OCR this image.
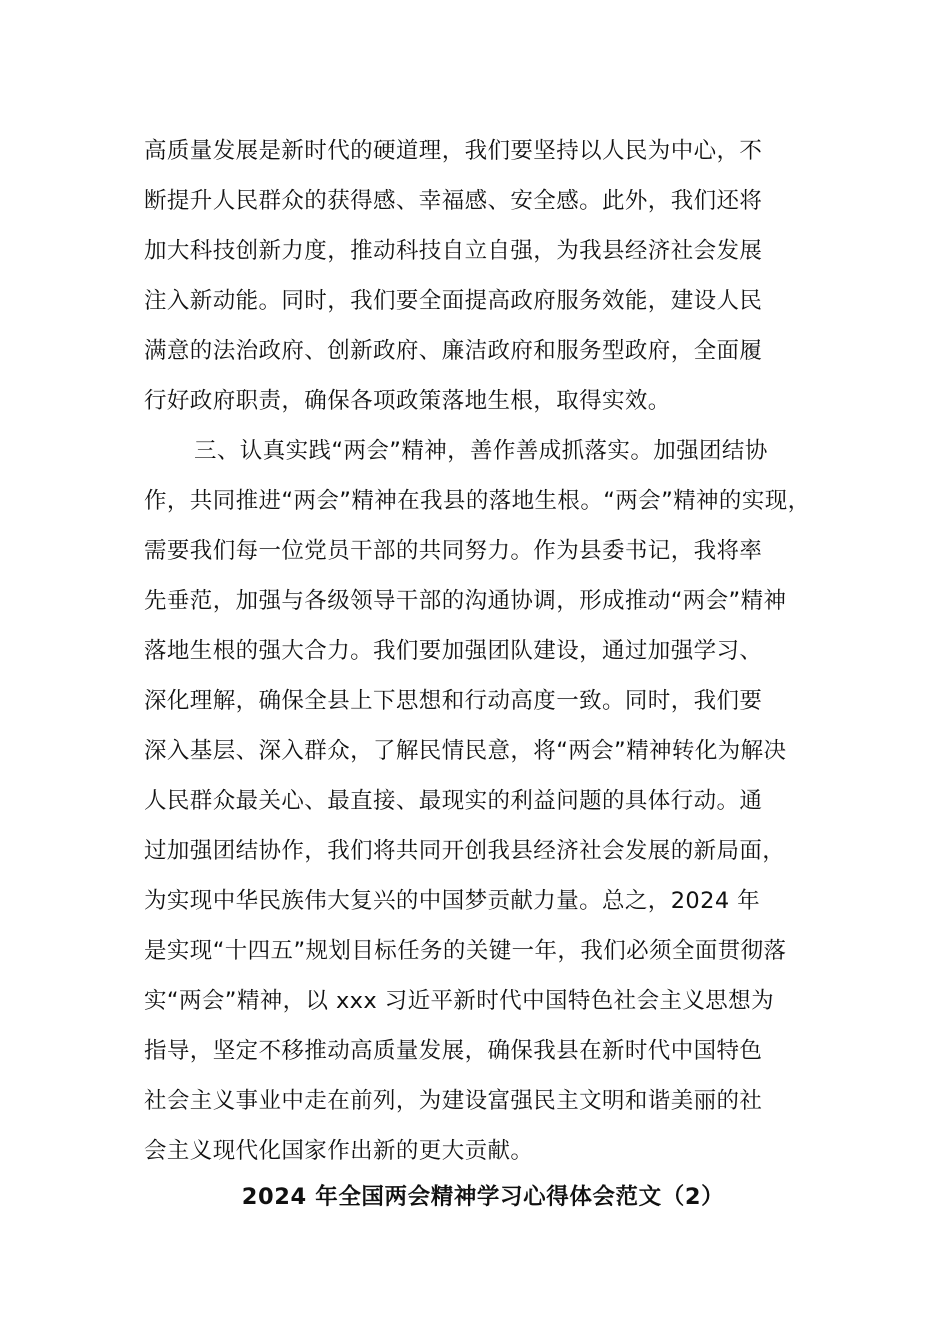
高质量发展是新时代的硬道理，我们要坚持以人民为中心，不
断提升人民群众的获得感、幸福感、安全感。此外，我们还将
加大科技创新力度，推动科技自立自强，为我县经济社会发展
注入新动能。同时，我们要全面提高政府服务效能，建设人民
满意的法治政府、创新政府、廉洁政府和服务型政府，全面履
行好政府职责，确保各项政策落地生根，取得实效。
三、认真实践“两会”精神，善作善成抓落实。加强团结协
作，共同推进“两会”精神在我县的落地生根。“两会”精神的实现，
需要我们每一位党员干部的共同努力。作为县委书记，我将率
先垂范，加强与各级领导干部的沟通协调，形成推动“两会”精神
落地生根的强大合力。我们要加强团队建设，通过加强学习、
深化理解，确保全县上下思想和行动高度一致。同时，我们要
深入基层、深入群众，了解民情民意，将“两会”精神转化为解决
人民群众最关心、最直接、最现实的利益问题的具体行动。通
过加强团结协作，我们将共同开创我县经济社会发展的新局面，
为实现中华民族伟大复兴的中国梦贡献力量。总之，2024 年
是实现“十四五”规划目标任务的关键一年，我们必须全面贯彻落
实“两会”精神，以 xxx 习近平新时代中国特色社会主义思想为
指导，坚定不移推动高质量发展，确保我县在新时代中国特色
社会主义事业中走在前列，为建设富强民主文明和谐美丽的社
会主义现代化国家作出新的更大贡献。
2024 年全国两会精神学习心得体会范文（2）
